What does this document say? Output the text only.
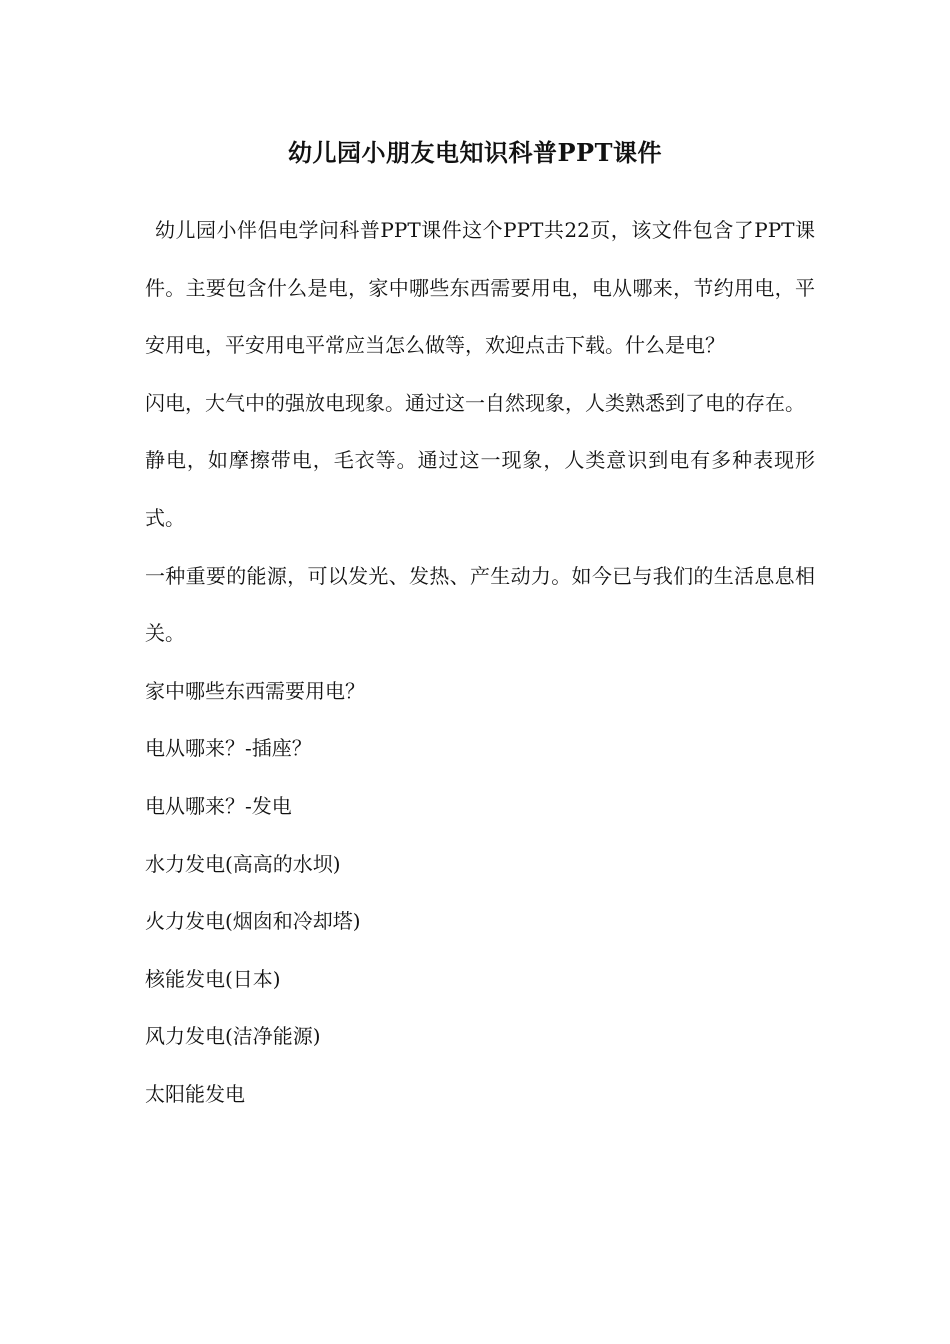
幼儿园小朋友电知识科普PPT课件

幼儿园小伴侣电学问科普PPT课件这个PPT共22页，该文件包含了PPT课件。主要包含什么是电，家中哪些东西需要用电，电从哪来，节约用电，平安用电，平安用电平常应当怎么做等，欢迎点击下载。什么是电？

闪电，大气中的强放电现象。通过这一自然现象，人类熟悉到了电的存在。

静电，如摩擦带电，毛衣等。通过这一现象，人类意识到电有多种表现形式。

一种重要的能源，可以发光、发热、产生动力。如今已与我们的生活息息相关。

家中哪些东西需要用电？

电从哪来？-插座？

电从哪来？-发电

水力发电(高高的水坝)

火力发电(烟囱和冷却塔)

核能发电(日本)

风力发电(洁净能源)

太阳能发电
